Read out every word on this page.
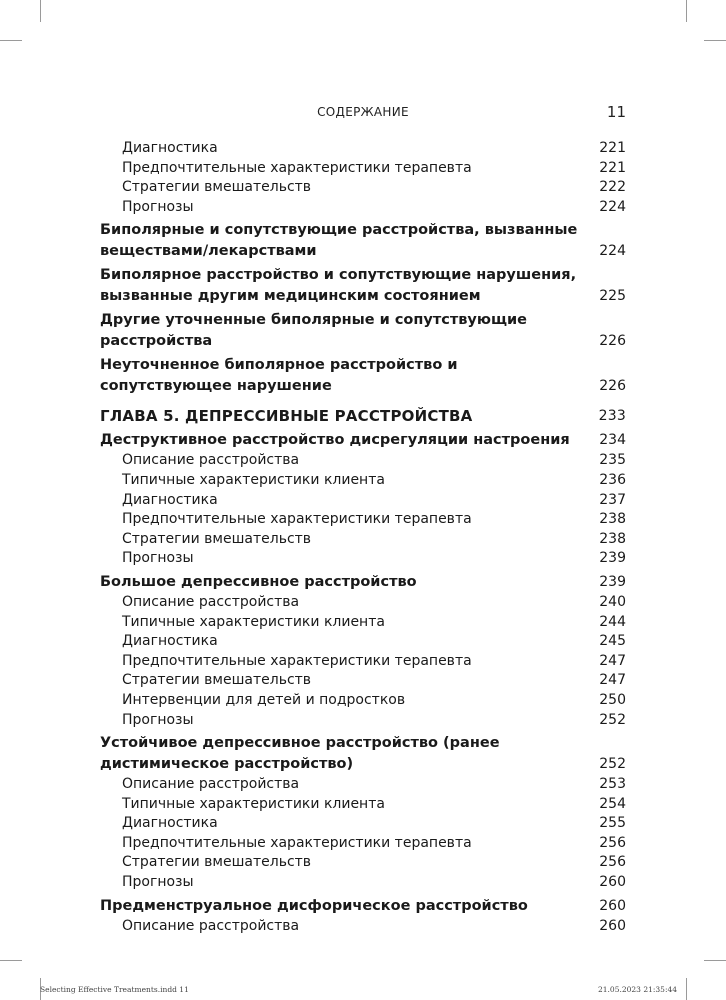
СОДЕРЖАНИЕ	11
Диагностика	221
Предпочтительные характеристики терапевта	221
Стратегии вмешательств	222
Прогнозы	224
Биполярные и сопутствующие расстройства, вызванные веществами/лекарствами	224
Биполярное расстройство и сопутствующие нарушения, вызванные другим медицинским состоянием	225
Другие уточненные биполярные и сопутствующие расстройства	226
Неуточненное биполярное расстройство и сопутствующее нарушение	226
ГЛАВА 5. ДЕПРЕССИВНЫЕ РАССТРОЙСТВА	233
Деструктивное расстройство дисрегуляции настроения	234
Описание расстройства	235
Типичные характеристики клиента	236
Диагностика	237
Предпочтительные характеристики терапевта	238
Стратегии вмешательств	238
Прогнозы	239
Большое депрессивное расстройство	239
Описание расстройства	240
Типичные характеристики клиента	244
Диагностика	245
Предпочтительные характеристики терапевта	247
Стратегии вмешательств	247
Интервенции для детей и подростков	250
Прогнозы	252
Устойчивое депрессивное расстройство (ранее дистимическое расстройство)	252
Описание расстройства	253
Типичные характеристики клиента	254
Диагностика	255
Предпочтительные характеристики терапевта	256
Стратегии вмешательств	256
Прогнозы	260
Предменструальное дисфорическое расстройство	260
Описание расстройства	260
Selecting Effective Treatments.indd 11	21.05.2023 21:35:44
